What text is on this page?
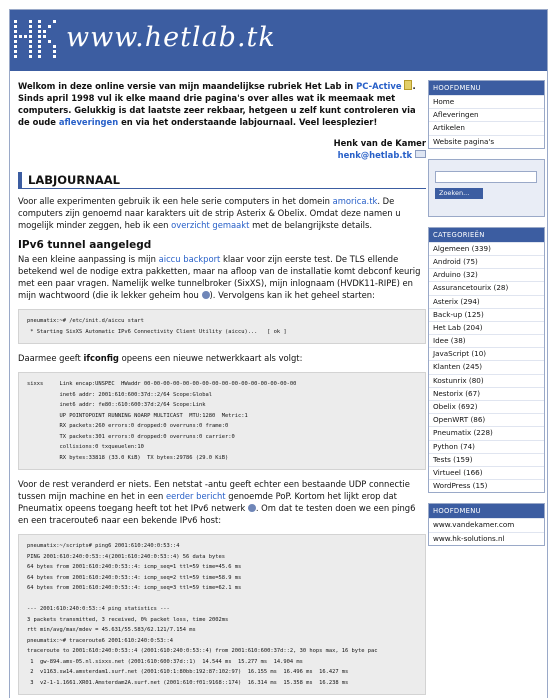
www.hetlab.tk

Welkom in deze online versie van mijn maandelijkse rubriek Het Lab in PC-Active . Sinds april 1998 vul ik elke maand drie pagina's over alles wat ik meemaak met computers. Gelukkig is dat laatste zeer rekbaar, hetgeen u zelf kunt controleren via de oude afleveringen en via het onderstaande labjournaal. Veel leesplezier!

Henk van de Kamer
henk@hetlab.tk
LABJOURNAAL

Voor alle experimenten gebruik ik een hele serie computers in het domein amorica.tk. De computers zijn genoemd naar karakters uit de strip Asterix & Obelix. Omdat deze namen u mogelijk minder zeggen, heb ik een overzicht gemaakt met de belangrijkste details.

IPv6 tunnel aangelegd

Na een kleine aanpassing is mijn aiccu backport klaar voor zijn eerste test. De TLS ellende betekend wel de nodige extra pakketten, maar na afloop van de installatie komt debconf keurig met een paar vragen. Namelijk welke tunnelbroker (SixXS), mijn inlognaam (HVDK11-RIPE) en mijn wachtwoord (die ik lekker geheim hou ). Vervolgens kan ik het geheel starten:

pneumatix:~# /etc/init.d/aiccu start
* Starting SixXS Automatic IPv6 Connectivity Client Utility (aiccu)...   [ ok ]

Daarmee geeft ifconfig opeens een nieuwe netwerkkaart als volgt:

sixxs     Link encap:UNSPEC  HWaddr 00-00-00-00-00-00-00-00-00-00-00-00-00-00-00-00
inet6 addr: 2001:610:600:37d::2/64 Scope:Global
inet6 addr: fe80::610:600:37d:2/64 Scope:Link
UP POINTOPOINT RUNNING NOARP MULTICAST  MTU:1280  Metric:1
RX packets:260 errors:0 dropped:0 overruns:0 frame:0
TX packets:301 errors:0 dropped:0 overruns:0 carrier:0
collisions:0 txqueuelen:10
RX bytes:33818 (33.0 KiB)  TX bytes:29786 (29.0 KiB)

Voor de rest veranderd er niets. Een netstat -antu geeft echter een bestaande UDP connectie tussen mijn machine en het in een eerder bericht genoemde PoP. Kortom het lijkt erop dat Pneumatix opeens toegang heeft tot het IPv6 netwerk . Om dat te testen doen we een ping6 en een traceroute6 naar een bekende IPv6 host:

pneumatix:~/scripts# ping6 2001:610:240:0:53::4
PING 2001:610:240:0:53::4(2001:610:240:0:53::4) 56 data bytes
64 bytes from 2001:610:240:0:53::4: icmp_seq=1 ttl=59 time=45.6 ms
64 bytes from 2001:610:240:0:53::4: icmp_seq=2 ttl=59 time=58.9 ms
64 bytes from 2001:610:240:0:53::4: icmp_seq=3 ttl=59 time=62.1 ms

--- 2001:610:240:0:53::4 ping statistics ---
3 packets transmitted, 3 received, 0% packet loss, time 2002ms
rtt min/avg/max/mdev = 45.631/55.583/62.121/7.154 ms
pneumatix:~# traceroute6 2001:610:240:0:53::4
traceroute to 2001:610:240:0:53::4 (2001:610:240:0:53::4) from 2001:610:600:37d::2, 30 hops max, 16 byte pac
1  gw-894.ams-05.nl.sixxs.net (2001:610:600:37d::1)  14.544 ms  15.277 ms  14.904 ms
2  v1163.sw14.amsterdam1.surf.net (2001:610:1:80bb:192:87:102:97)  16.155 ms  16.496 ms  16.427 ms
3  v2-1-1.1661.XR01.Amsterdam2A.surf.net (2001:610:f01:9168::174)  16.314 ms  15.358 ms  16.238 ms
HOOFDMENU
Home
Afleveringen
Artikelen
Website pagina's
Zoeken...
CATEGORIEËN
Algemeen (339)
Android (75)
Arduino (32)
Assurancetourix (28)
Asterix (294)
Back-up (125)
Het Lab (204)
Idee (38)
JavaScript (10)
Klanten (245)
Kostunrix (80)
Nestorix (67)
Obelix (692)
OpenWRT (86)
Pneumatix (228)
Python (74)
Tests (159)
Virtueel (166)
WordPress (15)
HOOFDMENU
www.vandekamer.com
www.hk-solutions.nl
